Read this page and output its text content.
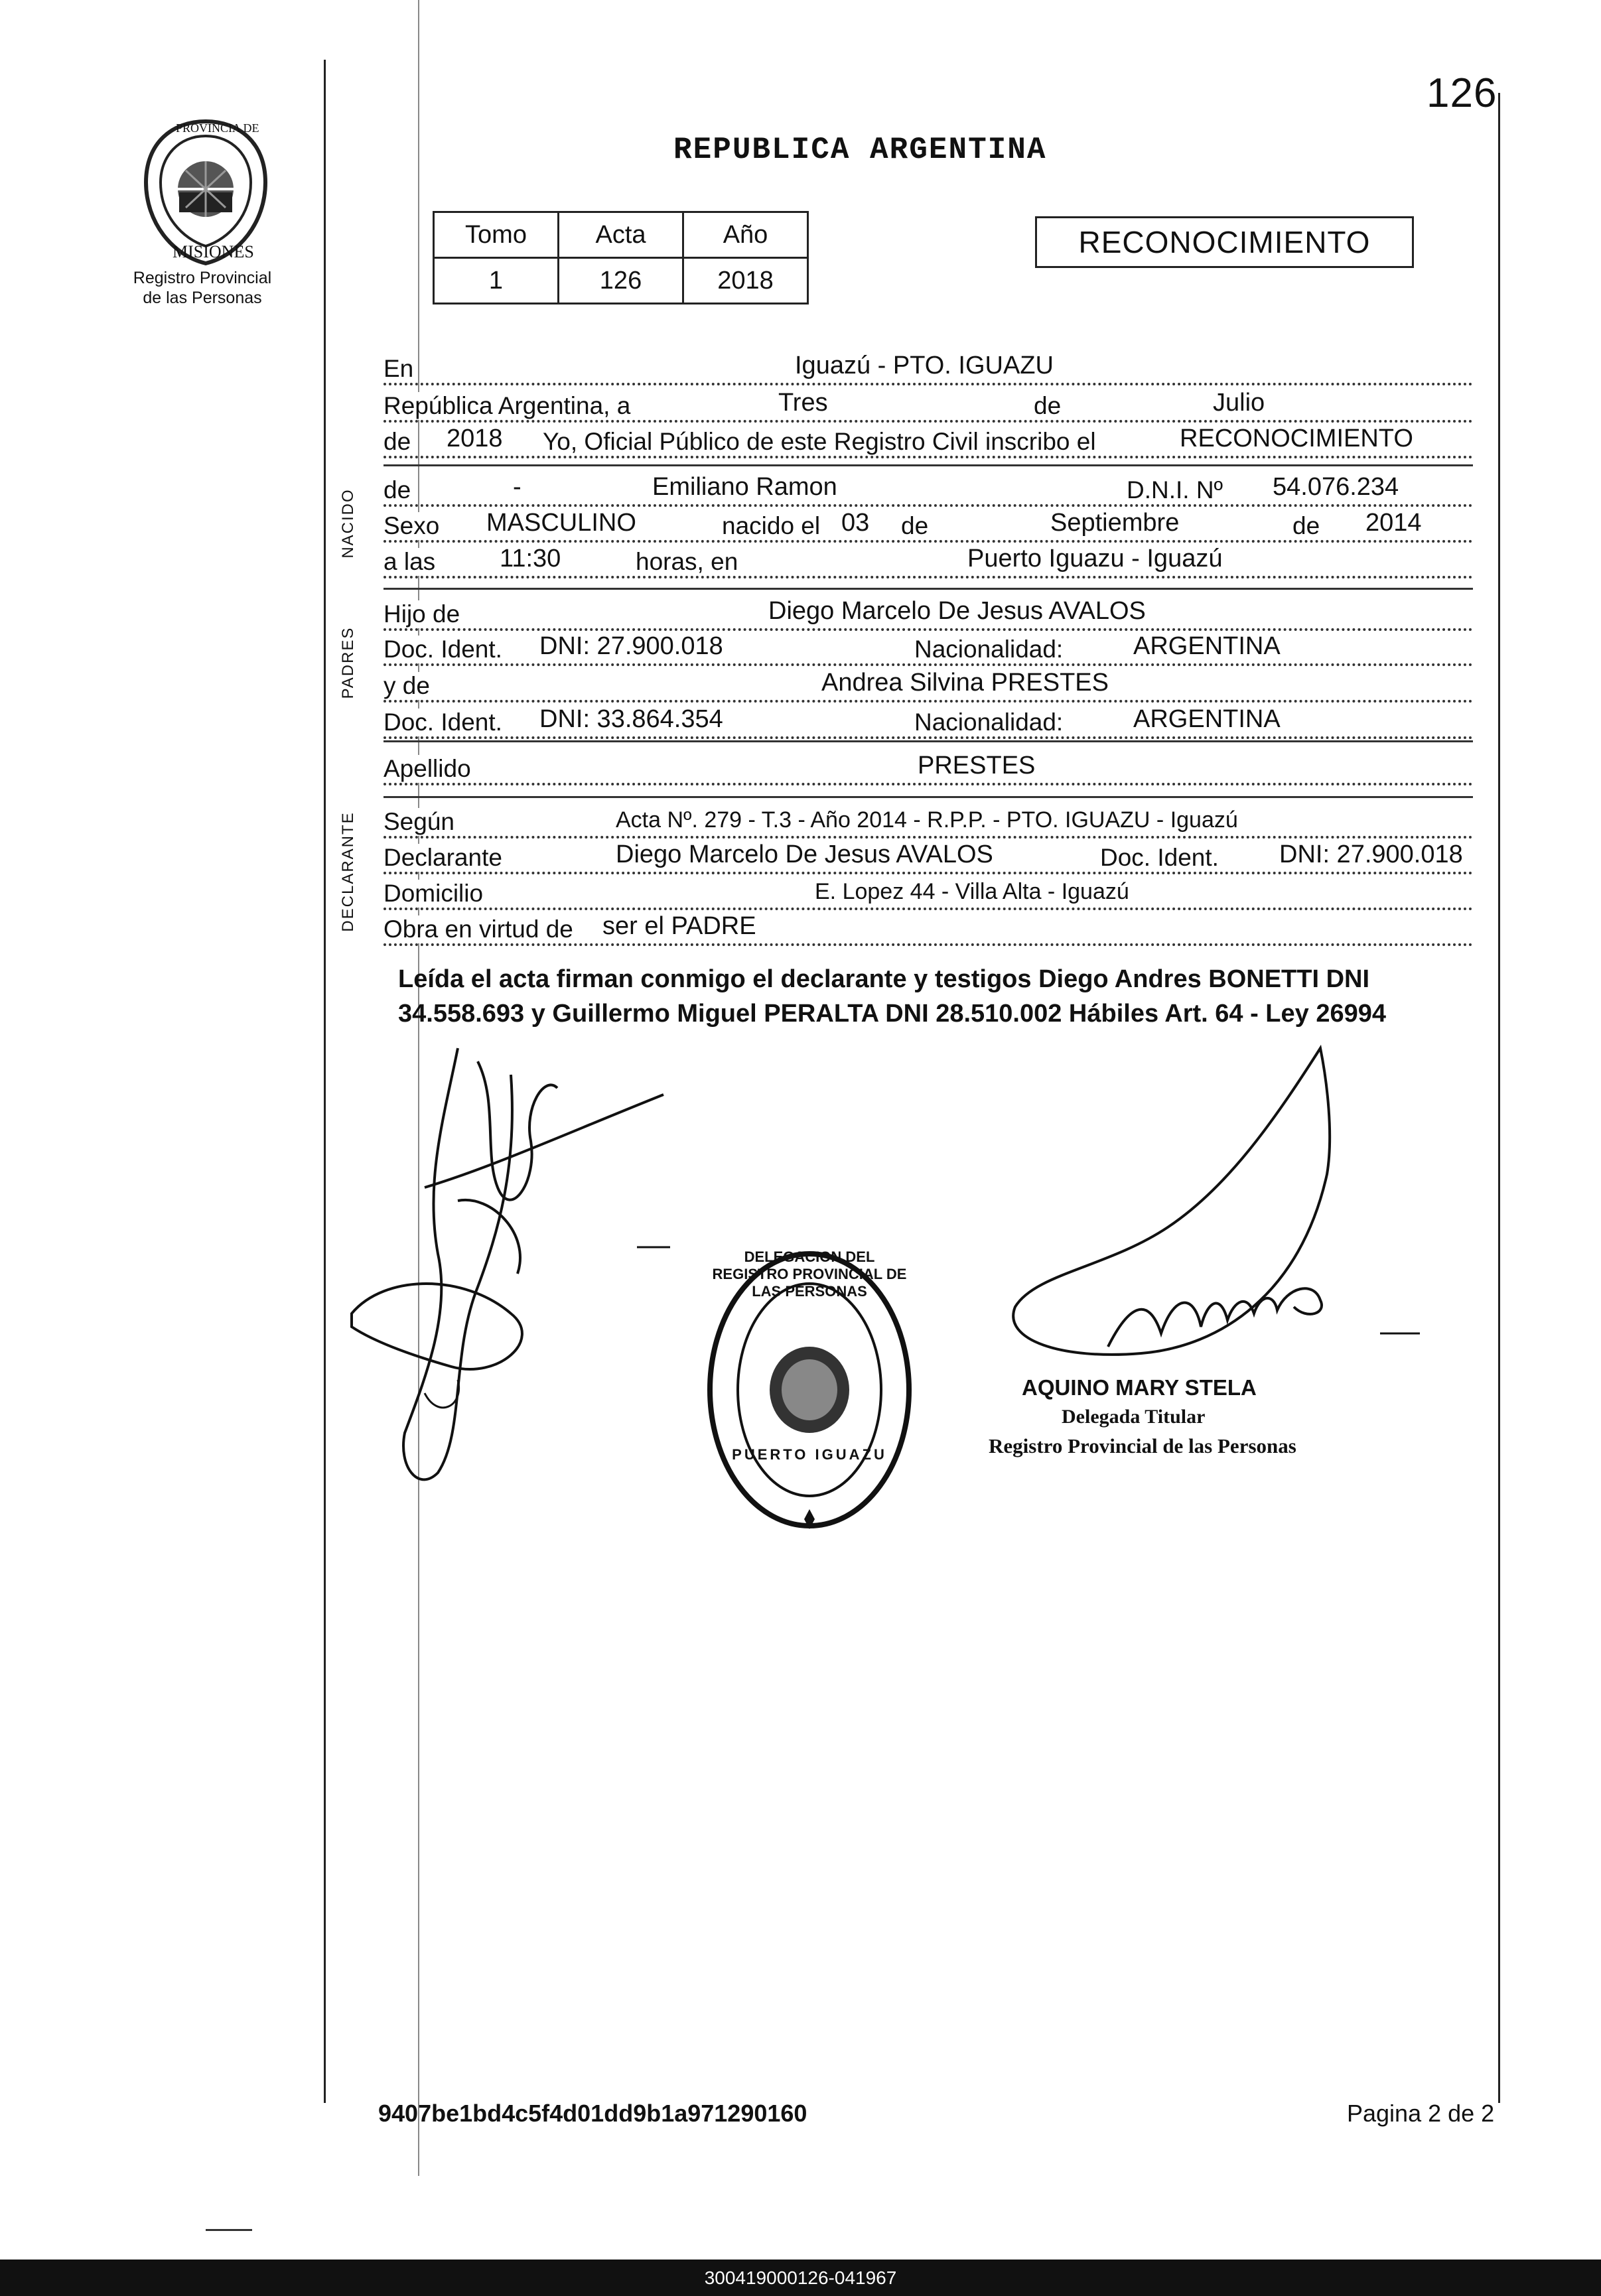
126
PROVINCIA DE
MISIONES
Registro Provincial
de las Personas
REPUBLICA ARGENTINA
Tomo	Acta	Año
1	126	2018
RECONOCIMIENTO
NACIDO
PADRES
DECLARANTE
En	Iguazú - PTO. IGUAZU
República Argentina, a	Tres	de	Julio
de 2018 Yo, Oficial Público de este Registro Civil inscribo el	RECONOCIMIENTO
de	-	Emiliano Ramon	D.N.I. Nº 54.076.234
Sexo MASCULINO	nacido el 03 de	Septiembre	de 2014
a las	11:30	horas, en	Puerto Iguazu - Iguazú
Hijo de	Diego Marcelo De Jesus AVALOS
Doc. Ident. DNI: 27.900.018	Nacionalidad:	ARGENTINA
y de	Andrea Silvina PRESTES
Doc. Ident. DNI: 33.864.354	Nacionalidad:	ARGENTINA
Apellido	PRESTES
Según	Acta Nº. 279 - T.3 - Año 2014 - R.P.P. - PTO. IGUAZU - Iguazú
Declarante	Diego Marcelo De Jesus AVALOS	Doc. Ident. DNI: 27.900.018
Domicilio	E. Lopez 44 - Villa Alta - Iguazú
Obra en virtud de ser el PADRE
Leída el acta firman conmigo el declarante y testigos Diego Andres BONETTI DNI 34.558.693 y Guillermo Miguel PERALTA DNI 28.510.002 Hábiles Art. 64 - Ley 26994
DELEGACION DEL REGISTRO PROVINCIAL DE LAS PERSONAS
PUERTO IGUAZU
AQUINO MARY STELA
Delegada Titular
Registro Provincial de las Personas
9407be1bd4c5f4d01dd9b1a971290160	Pagina 2 de 2
300419000126-041967
